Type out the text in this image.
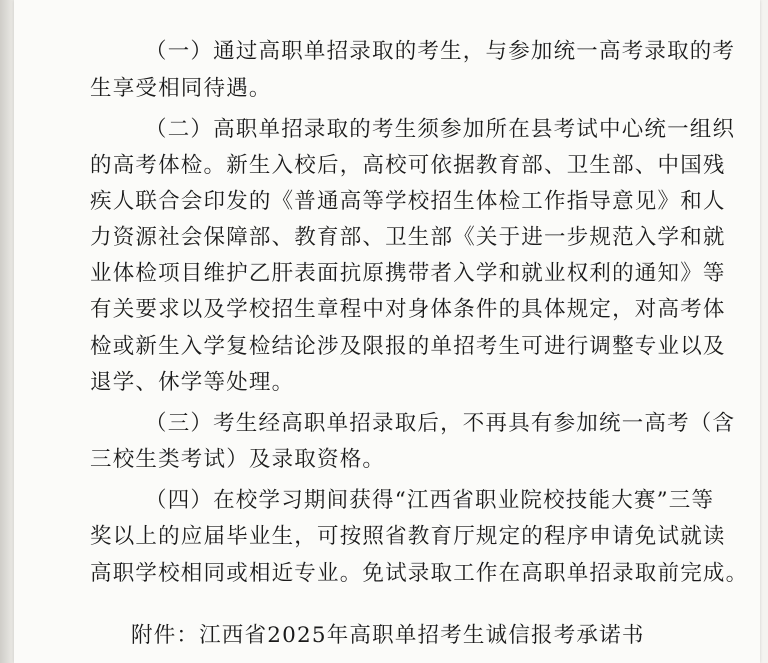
（一）通过高职单招录取的考生，与参加统一高考录取的考
生享受相同待遇。
（二）高职单招录取的考生须参加所在县考试中心统一组织
的高考体检。新生入校后，高校可依据教育部、卫生部、中国残
疾人联合会印发的《普通高等学校招生体检工作指导意见》和人
力资源社会保障部、教育部、卫生部《关于进一步规范入学和就
业体检项目维护乙肝表面抗原携带者入学和就业权利的通知》等
有关要求以及学校招生章程中对身体条件的具体规定，对高考体
检或新生入学复检结论涉及限报的单招考生可进行调整专业以及
退学、休学等处理。
（三）考生经高职单招录取后，不再具有参加统一高考（含
三校生类考试）及录取资格。
（四）在校学习期间获得“江西省职业院校技能大赛”三等
奖以上的应届毕业生，可按照省教育厅规定的程序申请免试就读
高职学校相同或相近专业。免试录取工作在高职单招录取前完成。
附件：江西省2025年高职单招考生诚信报考承诺书
